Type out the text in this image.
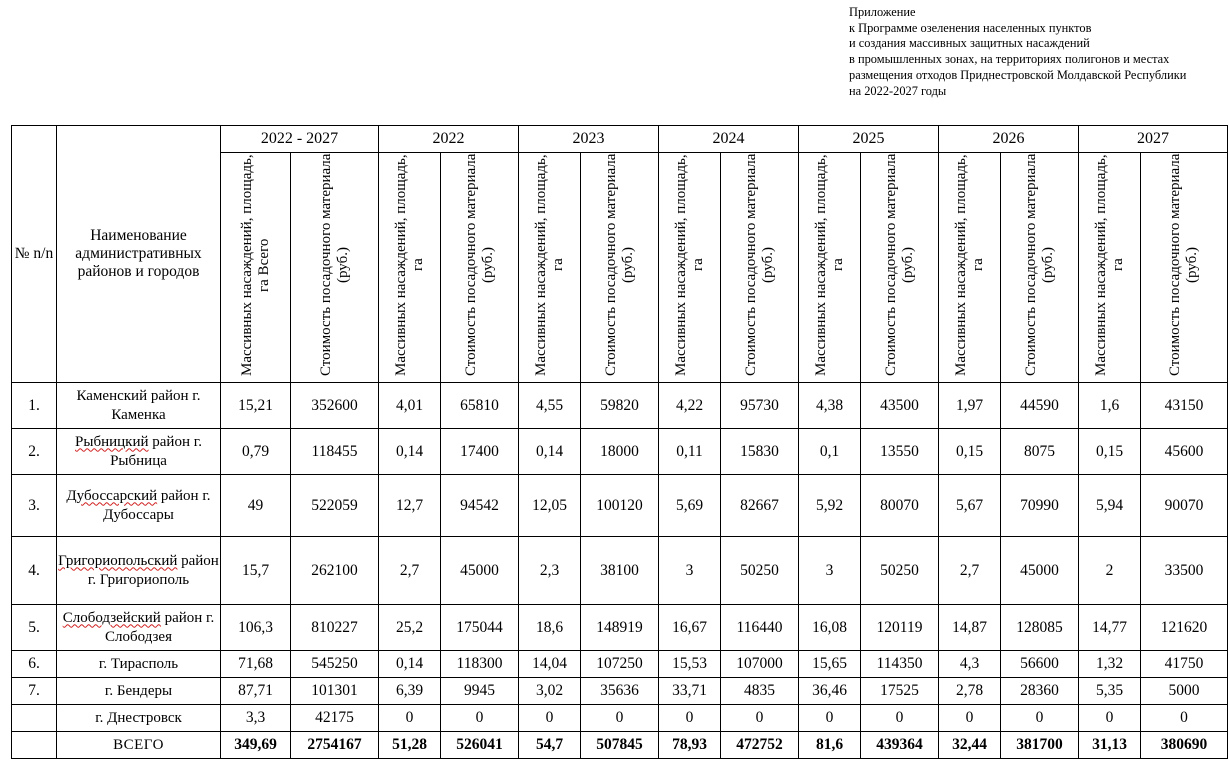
Приложение
к Программе озеленения населенных пунктов
и создания массивных защитных насаждений
в промышленных зонах, на территориях полигонов и местах
размещения отходов Приднестровской Молдавской Республики
на 2022-2027 годы
№ n/n	Наименование административных районов и городов	2022 - 2027		2022		2023		2024		2025		2026		2027	
		Массивных насаждений, площадь, га Всего	Стоимость посадочного материала (руб.)	Массивных насаждений, площадь, га	Стоимость посадочного материала (руб.)	Массивных насаждений, площадь, га	Стоимость посадочного материала (руб.)	Массивных насаждений, площадь, га	Стоимость посадочного материала (руб.)	Массивных насаждений, площадь, га	Стоимость посадочного материала (руб.)	Массивных насаждений, площадь, га	Стоимость посадочного материала (руб.)	Массивных насаждений, площадь, га	Стоимость посадочного материала (руб.)
1.	Каменский район г. Каменка	15,21	352600	4,01	65810	4,55	59820	4,22	95730	4,38	43500	1,97	44590	1,6	43150
2.	Рыбницкий район г. Рыбница	0,79	118455	0,14	17400	0,14	18000	0,11	15830	0,1	13550	0,15	8075	0,15	45600
3.	Дубоссарский район г. Дубоссары	49	522059	12,7	94542	12,05	100120	5,69	82667	5,92	80070	5,67	70990	5,94	90070
4.	Григориопольский район г. Григориополь	15,7	262100	2,7	45000	2,3	38100	3	50250	3	50250	2,7	45000	2	33500
5.	Слободзейский район г. Слободзея	106,3	810227	25,2	175044	18,6	148919	16,67	116440	16,08	120119	14,87	128085	14,77	121620
6.	г. Тирасполь	71,68	545250	0,14	118300	14,04	107250	15,53	107000	15,65	114350	4,3	56600	1,32	41750
7.	г. Бендеры	87,71	101301	6,39	9945	3,02	35636	33,71	4835	36,46	17525	2,78	28360	5,35	5000
	г. Днестровск	3,3	42175	0	0	0	0	0	0	0	0	0	0	0	0
	ВСЕГО	349,69	2754167	51,28	526041	54,7	507845	78,93	472752	81,6	439364	32,44	381700	31,13	380690
